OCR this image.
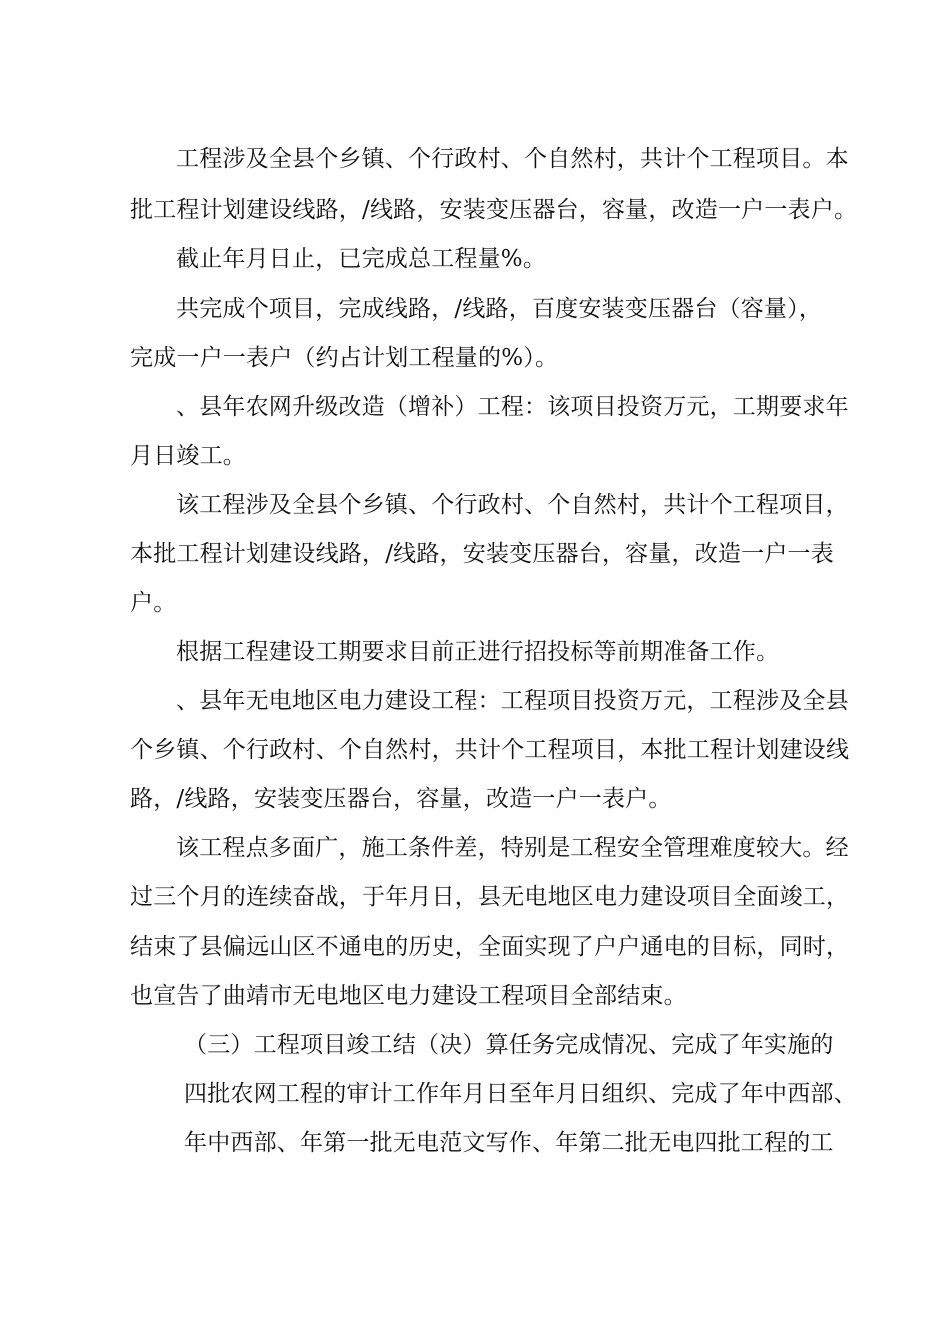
工程涉及全县个乡镇、个行政村、个自然村，共计个工程项目。本
批工程计划建设线路，/线路，安装变压器台，容量，改造一户一表户。
截止年月日止，已完成总工程量%。
共完成个项目，完成线路，/线路，百度安装变压器台（容量），
完成一户一表户（约占计划工程量的%）。
、县年农网升级改造（增补）工程：该项目投资万元，工期要求年
月日竣工。
该工程涉及全县个乡镇、个行政村、个自然村，共计个工程项目，
本批工程计划建设线路，/线路，安装变压器台，容量，改造一户一表
户。
根据工程建设工期要求目前正进行招投标等前期准备工作。
、县年无电地区电力建设工程：工程项目投资万元，工程涉及全县
个乡镇、个行政村、个自然村，共计个工程项目，本批工程计划建设线
路，/线路，安装变压器台，容量，改造一户一表户。
该工程点多面广，施工条件差，特别是工程安全管理难度较大。经
过三个月的连续奋战，于年月日，县无电地区电力建设项目全面竣工，
结束了县偏远山区不通电的历史，全面实现了户户通电的目标，同时，
也宣告了曲靖市无电地区电力建设工程项目全部结束。
（三）工程项目竣工结（决）算任务完成情况、完成了年实施的
四批农网工程的审计工作年月日至年月日组织、完成了年中西部、
年中西部、年第一批无电范文写作、年第二批无电四批工程的工
